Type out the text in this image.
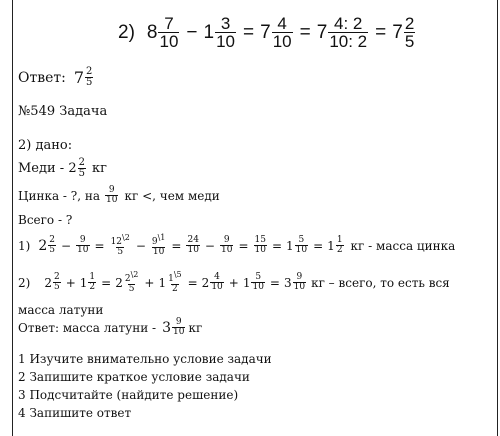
2) $8 \frac{7}{10} - 1 \frac{3}{10} = 7 \frac{4}{10} = 7 \frac{4: 2}{10: 2} = 7 \frac{2}{5}$
Ответ: $7 \frac{2}{5}$
№549 Задача
2) дано:
Меди - $2 \frac{2}{5}$ кг
Цинка - ?, на $\frac{9}{10}$ кг <, чем меди
Всего - ?
1) $2 \frac{2}{5} - \frac{9}{10} = \frac{12\backslash 2}{5} - \frac{9\backslash 1}{10} = \frac{24}{10} - \frac{9}{10} = \frac{15}{10} = 1 \frac{5}{10} = 1 \frac{1}{2}$ кг - масса цинка
2) $2 \frac{2}{5} + 1 \frac{1}{2} = 2 \frac{2\backslash 2}{5} + 1 \frac{1\backslash 5}{2} = 2 \frac{4}{10} + 1 \frac{5}{10} = 3 \frac{9}{10}$ кг – всего, то есть вся
масса латуни
Ответ: масса латуни - $3 \frac{9}{10}$ кг
1 Изучите внимательно условие задачи
2 Запишите краткое условие задачи
3 Подсчитайте (найдите решение)
4 Запишите ответ
